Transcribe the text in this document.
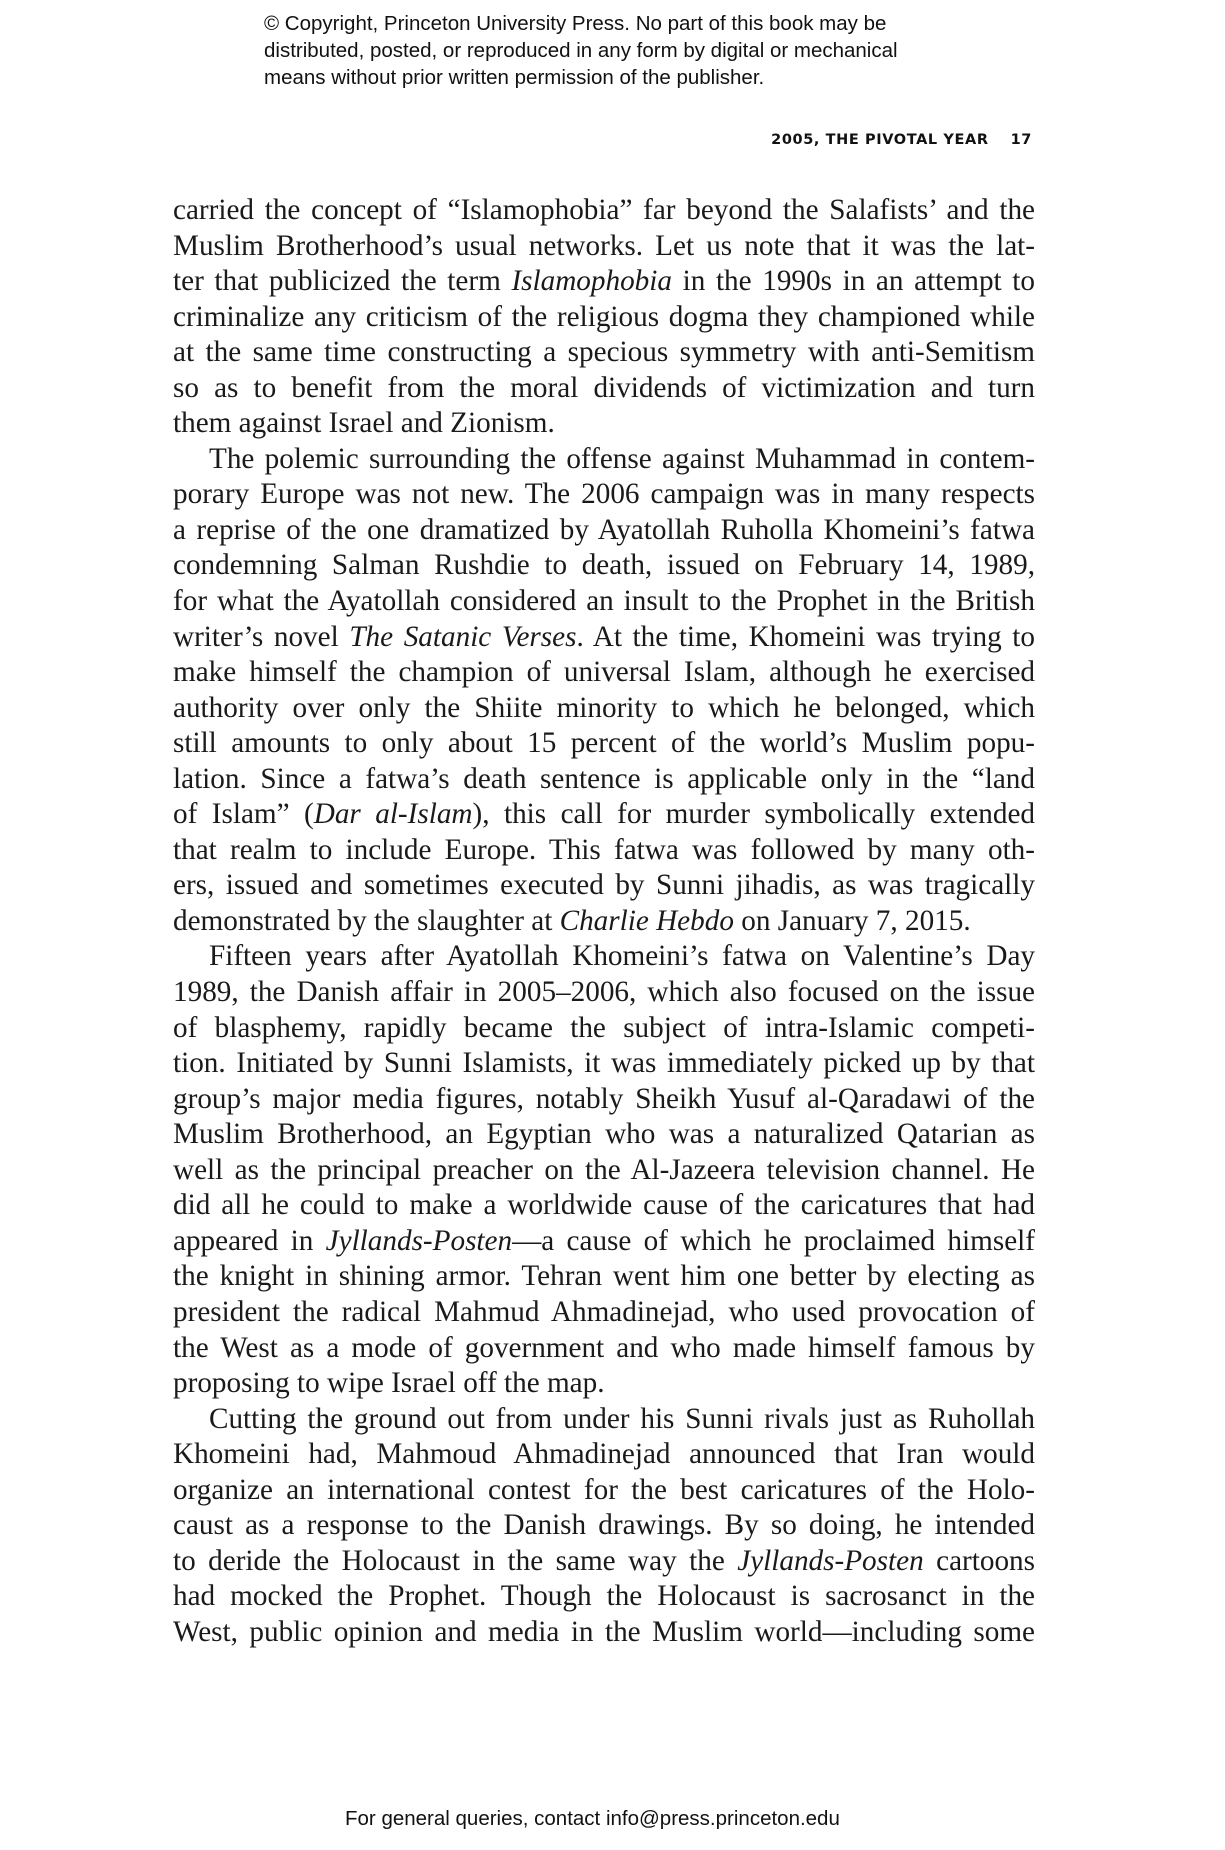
© Copyright, Princeton University Press. No part of this book may be
distributed, posted, or reproduced in any form by digital or mechanical
means without prior written permission of the publisher.
2005, THE PIVOTAL YEAR 17
carried the concept of “Islamophobia” far beyond the Salafists’ and the
Muslim Brotherhood’s usual networks. Let us note that it was the lat-
ter that publicized the term Islamophobia in the 1990s in an attempt to
criminalize any criticism of the religious dogma they championed while
at the same time constructing a specious symmetry with anti-Semitism
so as to benefit from the moral dividends of victimization and turn
them against Israel and Zionism.
The polemic surrounding the offense against Muhammad in contem-
porary Europe was not new. The 2006 campaign was in many respects
a reprise of the one dramatized by Ayatollah Ruholla Khomeini’s fatwa
condemning Salman Rushdie to death, issued on February 14, 1989,
for what the Ayatollah considered an insult to the Prophet in the British
writer’s novel The Satanic Verses. At the time, Khomeini was trying to
make himself the champion of universal Islam, although he exercised
authority over only the Shiite minority to which he belonged, which
still amounts to only about 15 percent of the world’s Muslim popu-
lation. Since a fatwa’s death sentence is applicable only in the “land
of Islam” (Dar al-Islam), this call for murder symbolically extended
that realm to include Europe. This fatwa was followed by many oth-
ers, issued and sometimes executed by Sunni jihadis, as was tragically
demonstrated by the slaughter at Charlie Hebdo on January 7, 2015.
Fifteen years after Ayatollah Khomeini’s fatwa on Valentine’s Day
1989, the Danish affair in 2005–2006, which also focused on the issue
of blasphemy, rapidly became the subject of intra-Islamic competi-
tion. Initiated by Sunni Islamists, it was immediately picked up by that
group’s major media figures, notably Sheikh Yusuf al-Qaradawi of the
Muslim Brotherhood, an Egyptian who was a naturalized Qatarian as
well as the principal preacher on the Al-Jazeera television channel. He
did all he could to make a worldwide cause of the caricatures that had
appeared in Jyllands-Posten—a cause of which he proclaimed himself
the knight in shining armor. Tehran went him one better by electing as
president the radical Mahmud Ahmadinejad, who used provocation of
the West as a mode of government and who made himself famous by
proposing to wipe Israel off the map.
Cutting the ground out from under his Sunni rivals just as Ruhollah
Khomeini had, Mahmoud Ahmadinejad announced that Iran would
organize an international contest for the best caricatures of the Holo-
caust as a response to the Danish drawings. By so doing, he intended
to deride the Holocaust in the same way the Jyllands-Posten cartoons
had mocked the Prophet. Though the Holocaust is sacrosanct in the
West, public opinion and media in the Muslim world—including some
For general queries, contact info@press.princeton.edu
